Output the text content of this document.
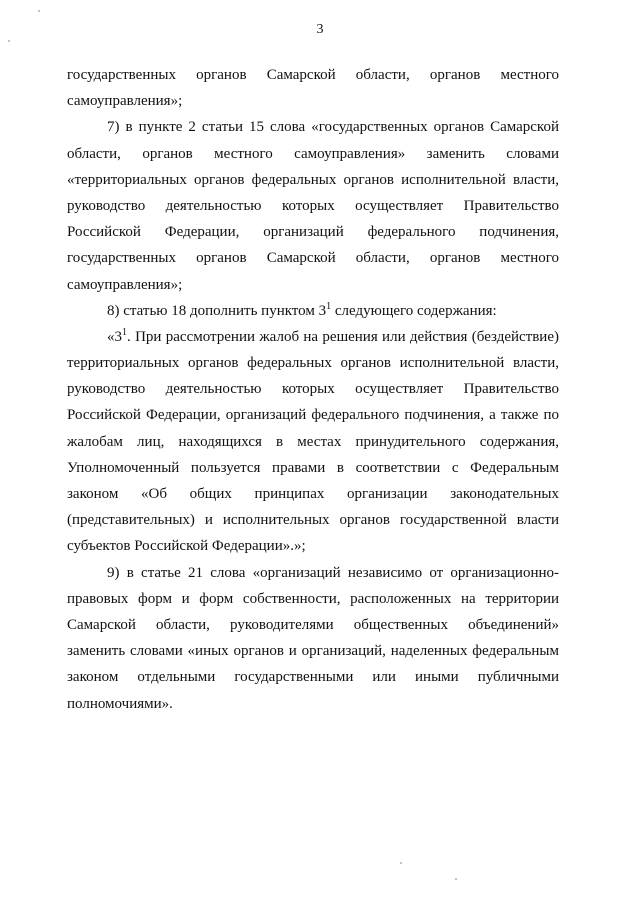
3
государственных органов Самарской области, органов местного
самоуправления»;
7) в пункте 2 статьи 15 слова «государственных органов Самарской
области, органов местного самоуправления» заменить словами
«территориальных органов федеральных органов исполнительной власти,
руководство деятельностью которых осуществляет Правительство
Российской Федерации, организаций федерального подчинения,
государственных органов Самарской области, органов местного
самоуправления»;
8) статью 18 дополнить пунктом $3^1$ следующего содержания:
«$3^1$. При рассмотрении жалоб на решения или действия (бездействие)
территориальных органов федеральных органов исполнительной власти,
руководство деятельностью которых осуществляет Правительство
Российской Федерации, организаций федерального подчинения, а также по
жалобам лиц, находящихся в местах принудительного содержания,
Уполномоченный пользуется правами в соответствии с Федеральным
законом «Об общих принципах организации законодательных
(представительных) и исполнительных органов государственной власти
субъектов Российской Федерации».»;
9) в статье 21 слова «организаций независимо от организационно-
правовых форм и форм собственности, расположенных на территории
Самарской области, руководителями общественных объединений»
заменить словами «иных органов и организаций, наделенных федеральным
законом отдельными государственными или иными публичными
полномочиями».
